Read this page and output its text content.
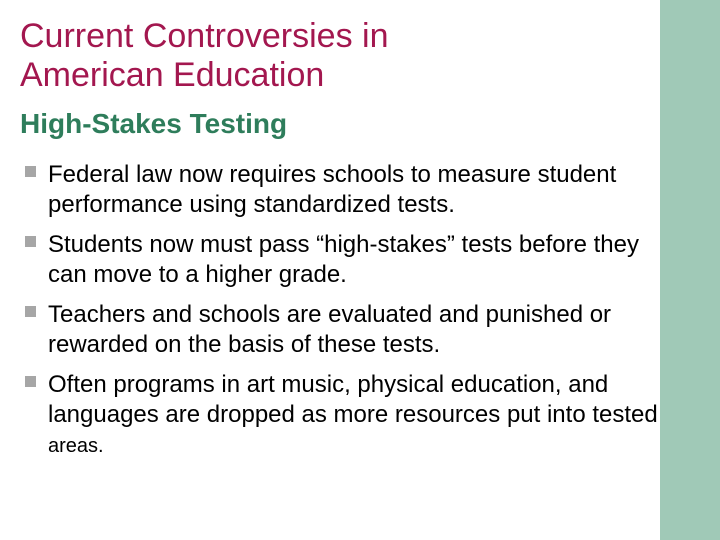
Current Controversies in
American Education
High-Stakes Testing
Federal law now requires schools to measure student performance using standardized tests.
Students now must pass “high-stakes” tests before they can move to a higher grade.
Teachers and schools are evaluated and punished or rewarded on the basis of these tests.
Often programs in art music, physical education, and languages are dropped as more resources put into tested areas.
